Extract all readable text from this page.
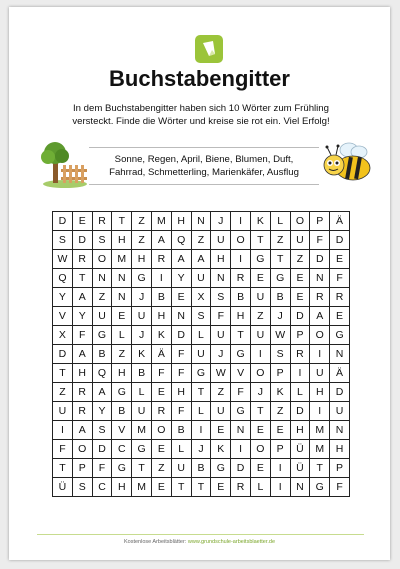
Buchstabengitter
In dem Buchstabengitter haben sich 10 Wörter zum Frühling
versteckt. Finde die Wörter und kreise sie rot ein. Viel Erfolg!
Sonne, Regen, April, Biene, Blumen, Duft,
Fahrrad, Schmetterling, Marienkäfer, Ausflug
D	E	R	T	Z	M	H	N	J	I	K	L	O	P	Ä
S	D	S	H	Z	A	Q	Z	U	O	T	Z	U	F	D
W	R	O	M	H	R	A	A	H	I	G	T	Z	D	E
Q	T	N	N	G	I	Y	U	N	R	E	G	E	N	F
Y	A	Z	N	J	B	E	X	S	B	U	B	E	R	R
V	Y	U	E	U	H	N	S	F	H	Z	J	D	A	E
X	F	G	L	J	K	D	L	U	T	U	W	P	O	G
D	A	B	Z	K	Ä	F	U	J	G	I	S	R	I	N
T	H	Q	H	B	F	F	G	W	V	O	P	I	U	Ä
Z	R	A	G	L	E	H	T	Z	F	J	K	L	H	D
U	R	Y	B	U	R	F	L	U	G	T	Z	D	I	U
I	A	S	V	M	O	B	I	E	N	E	E	H	M	N
F	O	D	C	G	E	L	J	K	I	O	P	Ü	M	H
T	P	F	G	T	Z	U	B	G	D	E	I	Ü	T	P
Ü	S	C	H	M	E	T	T	E	R	L	I	N	G	F
Kostenlose Arbeitsblätter: www.grundschule-arbeitsblaetter.de
